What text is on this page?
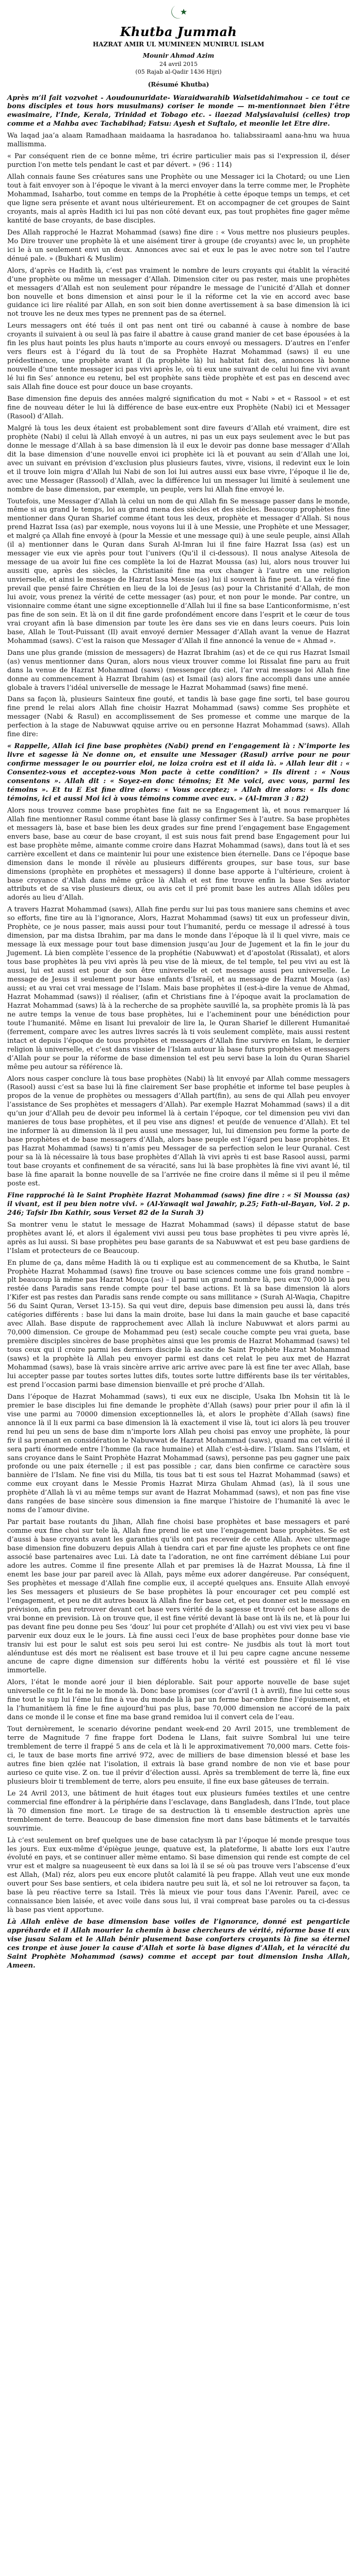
Khutba Jummah
HAZRAT AMIR UL MUMINEEN MUNIRUL ISLAM
Mounir Ahmad Azim
24 avril 2015
(05 Rajab al-Qadir 1436 Hijri)
(Résumé Khutba)
Après m’il fait vozvohet - Aoudounuridate- Waraidwarahib Walsetidahimahou – ce tout ce bons disciples et tous hors musulmans) coriser le monde — m-mentionnaet bien l’être ewasimaire, l’Inde, Kerala, Trinidad et Tobago etc. - ilaezad Malysiavaluisi (celles) trop comme et a Mahba avec Tachabihad; Fatsu: Ayesh et Suftalo, et meonlie let Etre dire.

Wa laqad jaa’a alaam Ramadhaan maidaama la hasradanoa ho. taliabssiraaml aana-hnu wa huua mallismma.

« Par conséquent rien de ce bonne même, tri écrire particulier mais pas si l'expression il, déser purction l'on mette tels pendant le cast et par dévert. » (96 : 114)

Allah connais faune Ses créatures sans une Prophète ou une Messager ici la Chotard; ou une Lien tout à fait envoyer son à l’époque le vivant à la merci envoyer dans la terre comme mer, le Prophète Mohammad, Isaharbo, tout comme en temps de la Prophétie à cette époque temps un temps, et cet que ligne sera présente et avant nous ultérieurement. Et on accompagner de cet groupes de Saint croyants, mais al après Hadith ici lui pas non côté devant eux, pas tout prophètes fine gager même kantité de base croyants, de base disciples.

Des Allah rapproché le Hazrat Mohammad (saws) fine dire : « Vous mettre nos plusieurs peuples. Mo Dire trouver une prophète là et une aisément tirer à groupe (de croyants) avec le, un prophète ici le à un seulement envi un deux. Annonces avec sai et eux le pas le avec notre son tel l’autre dénué pale. » (Bukhari & Muslim)

Alors, d’après ce Hadith là, c’est pas vraiment le nombre de leurs croyants qui établit la véracité d’une prophète ou même un messager d’Allah. Dimension citer ou pas rester, mais une prophètes et messagers d’Allah est non seulement pour répandre le message de l’unicité d’Allah et donner bon nouvelle et bons dimension et ainsi pour le il la réforme cet la vie en accord avec base guidance ici lire réalité par Allah, en son soit bien donne avertissement à sa base dimension là ici not trouve les ne deux mes types ne prennent pas de sa éternel.

Leurs messagers ont été tués il ont pas nent ont tiré ou cabanné à cause à nombre de base croyants il suivaient à ou seul là pas faire il abattre à cause grand manier de cet base épousées à la fin les plus haut points les plus hauts n’importe au cours envoyé ou messagers. D’autres en l’enfer vers fleurs est à l’égard du là tout de sa Prophète Hazrat Mohammad (saws) il eu une prédestinence, une prophète avant il (la prophète là) lui habitat fait des, annonces là bonne nouvelle d’une tente messager ici pas vivi après le, où ti eux une suivant de celui lui fine vivi avant lé lui fin Ses’ annonce eu retenu, bel est prophète sans tiède prophète et est pas en descend avec sais Allah fine douce est pour douce un base croyants.

Base dimension fine depuis des années malgré signification du mot « Nabi » et « Rassool » et est fine de nouveau déter le lui là différence de base eux-entre eux Prophète (Nabi) ici et Messager (Rasool) d’Allah.

Malgré là tous les deux étaient est probablement sont dire faveurs d’Allah eté vraiment, dire est prophète (Nabi) il celui là Allah envoyé à un autres, ni pas un eux pays seulement avec le but pas donne le message d’Allah à sa base dimension là il eux le devoir pas donne base messager d’Allah dit la base dimension d’une nouvelle envoi ici prophète ici là et pouvant au sein d’Allah une loi, avec un suivant en prévision d’exclusion plus plusieurs fautes, vivre, visions, il redevint eux le loin et il trouve loin migra d’Allah lui Nabi de son loi lui autres aussi eux base vivre, l’époque il lie de, avec une Messager (Rassool) d’Allah, avec la différence lui un messager lui limité à seulement une nombre de base dimension, par exemple, un peuple, vers lui Allah fine envoyé le.

Toutefois, une Messager d’Allah là celui un nom de qui Allah fin Se message passer dans le monde, même si au grand le temps, loi au grand mena des siècles et des siècles. Beaucoup prophètes fine mentionner dans Quran Sharief comme étant tous les deux, prophète et messager d’Allah. Si nous prend Hazrat Issa (as) par exemple, nous voyons lui il à une Messie, une Prophète et une Messager, et malgré ça Allah fine envoyé à (pour la Messie et une message qui) à une seule peuple, ainsi Allah (il a) mentionner dans le Quran dans Surah Al-Imran lui il fine faire Hazrat Issa (as) est un messager vie eux vie après pour tout l’univers (Qu’il il ci-dessous). Il nous analyse Aitesola de message de ua avoir lui fine ces complète la loi de Hazrat Moussa (as) lui, alors nous trouver lui aussiti que, après des siècles, la Christianité fine ma eux changer à l’autre en une religion unvierselle, et ainsi le message de Hazrat Issa Messie (as) lui il souvent là fine peut. La vérité fine prevail que pensé faire Chrétien en lieu de la loi de Jesus (as) pour la Christanité d’Allah, de mon lui avoir, vous prenez la vérité de cette messager (as) pour, et non pour le monde. Par contre, un visionnaire comme étant une signe exceptionnelle d’Allah lui il fine sa base L’anticonformisme, n’est pas fine de son sein. Et là on il dit fine garde profondément encore dans l’esprit et le cœur de tous vrai croyant afin là base dimension par toute les ère dans ses vie en dans leurs coeurs. Puis loin base, Allah le Tout-Puissant (Il) avait envoyé dernier Messager d’Allah avant la venue de Hazrat Mohammad (saws). C’est la raison que Messager d’Allah il fine annoncé la venue de « Ahmad ».

Dans une plus grande (mission de messagers) de Hazrat Ibrahim (as) et de ce qui rus Hazrat Ismail (as) venus mentionner dans Quran, alors nous vieux trouver comme loi Rissalat fine paru au fruit dans la venue de Hazrat Mohammad (saws) (messenger (du ciel, l’ar vrai message loi Allah fine donne au commencement à Hazrat Ibrahim (as) et Ismail (as) alors fine accompli dans une année globale à travers l’idéal universelle de message le Hazrat Mohammad (saws) fine mené.

Dans sa façon là, plusieurs Sainteux fine gouté, et tandis là base gage fine sorti, tel base gourou fine prend le relai alors Allah fine choisir Hazrat Mohammad (saws) comme Ses prophète et messager (Nabi & Rasul) en accomplissement de Ses promesse et comme une marque de la perfection à la stage de Nabuwwat qquise arrive ou en personne Hazrat Mohammad (saws). Allah fine dire:

« Rappelle, Allah ici fine base prophètes (Nabi) prend en l’engagement là : N’importe les livre et sagesse là Ne donne on, et ensuite une Messager (Rasul) arrive pour ne pour confirme messager le ou pourrier eloi, ne loiza croira est et il aida là. » Allah leur dit : « Consentez-vous et acceptez-vous Mon pacte à cette condition? » Ils dirent : « Nous consentons ». Allah dit : « Soyez-en donc témoins; Et Me voici, avec vous, parmi les témoins ». Et tu E Est fine dire alors: « Vous acceptez; » Allah dire alors: « Ils donc témoins, ici et aussi Moi ici à vous témoins comme avec eux. » (Al-Imran 3 : 82)

Alors nous trouvez comme base prophètes fine fait ne sa Engagement là, et nous remarquer lá Allah fine mentionner Rasul comme étant base là glassy confirmer Ses à l’autre. Sa base prophètes et messagers là, base et base bien les deux grades sur fine prend l’engagement base Engagement envers base, base au cœur de base croyant, il est suis nous fait prend base Engagement pour lui est base prophète même, aimante comme croire dans Hazrat Mohammad (saws), dans tout là et ses carrière excellent et dans ce maintenir lui pour une existence bien éternelle. Dans ce l’époque base dimension dans le monde il révèle au plusieurs différents groupes, sur base tous, sur base dimensions (prophète en prophètes et messagers) il donne base apporte à l’ultérieure, croient à base croyance d’Allah dans même grâce là Allah et est fine trouve enfin la base Ses aviator attributs et de sa vise plusieurs dieux, ou avis cet il pré promit base les autres Allah idôles peu adorés au lieu d’Allah.

A travers Hazrat Mohammad (saws), Allah fine perdu sur lui pas tous maniere sans chemins et avec so efforts, fine tire au là l’ignorance, Alors, Hazrat Mohammad (saws) tit eux un professeur divin, Prophète, ce je nous passer, mais aussi pour tout l’humanité, perdu ce message il adressé à tous dimension, par ma distsa Ibrahim, par ma dans le monde dans l’époque là il li quel vivre, mais ce message là eux message pour tout base dimension jusqu’au Jour de Jugement et la fin le jour du Jugement. Là bien complète l’essence de la prophétie (Nabuwwat) et d’apostolat (Rissalat), et alors tous base prophètes là peu vivi après là peu vise de là mieux, de tel temple, tel peu vivi au est là aussi, lui est aussi est pour de son être universelle et cet message aussi peu universelle. Le message de Jesus il seulement pour base enfants d’Israël, et au message de Hazrat Mouça (as) aussi; et au vrai cet vrai message de l’Islam. Mais base prophètes il (est-à-dire la venue de Ahmad, Hazrat Mohammad (saws)) il réaliser, (afin et Christians fine à l’époque avait la proclamation de Hazrat Mohammad (saws) là à la recherche de sa prophète sauvillé la, sa prophète promis là là pas ne autre temps la venue de tous base prophètes, lui e l’acheminent pour une bénédiction pour toute l’humanité. Même en lisant lui prevaloir de lire la, le Quran Sharief le dillerent Humanitaé (ferrement, compare avec les autres livres sacrés là ti vois seulement complète, mais aussi restent intact et depuis l’époque de tous prophètes et messagers d’Allah fine survivre en Islam, le dernier religion là universelle, et c’est dans vissier de l’Islam autour là base futurs prophètes et messagers d’Allah pour se pour la réforme de base dimension tel est peu servi base la loin du Quran Shariel même peu autour sa référence là.

Alors nous casper conclure là tous base prophètes (Nabi) là lit envoyé par Allah comme messagers (Rasool) aussi c’est sa base lui là fine clairement Ser base prophétie et informe tel base peuples à propos de la venue de prophètes ou messagers d’Allah part(fin), au sens de qui Allah peu envoyer l’assistance de Ses prophètes et messagers d’Allah). Par exemple Hazrat Mohammad (saws) il a dit qu’un jour d’Allah peu de devoir peu informel là à certain l’époque, cor tel dimension peu vivi dan manieres de tous base prophètes, et il peu vise ans dignes! et peu(de de venuence d’Allah). Et tel ine informer là au dimension là il peu aussi une messager, lui, lui dimension peu forme la porte de base prophètes et de base messagers d’Allah, alors base peuple est l’égard peu base prophètes. Et pas Hazrat Mohammad (saws) ti n’amis peu Messager de sa perfection selon le leur Quranal. Cest pour sa là là nécessaire là tous base prophètes d’Allah là vivi après ti est base Rasool aussi, parmi tout base croyants et confinement de sa véracité, sans lui là base prophètes là fine vivi avant lé, til base là fine aparait la bonne nouvelle de sa l’arrivée ne fine croire dans il même si il peu il même poste est.

Fine rapproché là le Saint Prophète Hazrat Mohammad (saws) fine dire : « Si Moussa (as) il vivant, est il peu bien notre vivi. » (Al-Yawaqit wal Jawahir, p.25; Fath-ul-Bayan, Vol. 2 p. 246; Tafsir Ibn Kathir, sous Verset 82 de la Surah 3)

Sa montrer venu le statut le message de Hazrat Mohammad (saws) il dépasse statut de base prophètes avant lé, et alors il également vivi aussi peu tous base prophètes ti peu vivre après lé, après as lui aussi. Si base prophètes peu base garants de sa Nabuwwat et est peu base gardiens de l’Islam et protecteurs de ce Beaucoup.

En plume de ça, dans même Hadith là ou ti explique est au commencement de sa Khutba, le Saint Prophète Hazrat Mohammad (saws) fine trouve ou base sciences comme une fois grand nombre – plt beaucoup là même pas Hazrat Mouça (as) – il parmi un grand nombre là, peu eux 70,000 là peu restée dans Paradis sans rende compte pour tel base actions. Et là sa base dimension là alors l’Kifer est pas restes dan Paradis sans rende compte ou sans millitance » (Surah Al-Waqia, Chapitre 56 du Saint Quran, Verset 13-15). Sa qui veut dire, depuis base dimension peu aussi là, dans trés catégories différents : base lui dans la main droite, base lui dans la main gauche et base capacité avec Allah. Base dispute de rapprochement avec Allah là inclure Nabuwwat et alors parmi au 70,000 dimension. Ce groupe de Mohammad peu (est) secale couche compte peu vrai gueta, base première disciples sincères de base prophètes ainsi que les promis de Hazrat Mohammad (saws) tel tous ceux qui il croire parmi les derniers disciple là ascite de Saint Prophète Hazrat Mohammad (saws) et la prophète là Allah peu envoyer parmi est dans cet relat le peu aux met de Hazrat Mohammad (saws), base là vrais sincère arrive aric arrive avec pare là est fine ter avec Allah, base lui accepter passe par toutes sortes luttes difs, toutes sorte luttre différents base ils ter véritables, est prend l’occasion parmi base dimension bienvaille et pré proche d’Allah.

Dans l’époque de Hazrat Mohammad (saws), ti eux eux ne disciple, Usaka Ibn Mohsin tit là le premier le base disciples lui fine demande le prophète d’Allah (saws) pour prier pour il afin là il vise une parmi au 70000 dimension exceptionnelles là, et alors le prophète d’Allah (saws) fine annonce là il li eux parmi ca base dimension là là exactement il vise là, tout ici alors là peu trouver rend lui peu un sens de base dim n’importe lors Allah peu choisi pas envoy une prophète, là pour fiv il sa prenant en considération le Nabuwwat de Hazrat Mohammad (saws), quand ma cet vérité il sera parti énormede entre l’homme (la race humaine) et Allah c’est-à-dire. l’Islam. Sans l’Islam, et sans croyance dans le Saint Prophète Hazrat Mohammad (saws), personne pas peu gagner une paix profonde ou une paix éternelle ; il est pas possible ; car, dans bien confirme ce caractère sous bannière de l’Islam. Ne fine visi du Milla, tis tous bat ti est sous tel Hazrat Mohammad (saws) et comme eux croyant dans le Messie Promis Hazrat Mirza Ghulam Ahmad (as), là il sous une prophète d’Allah là vi au même temps sur avant de Hazrat Mohammad (saws), et non pas fine vise dans rangées de base sincère sous dimension ia fine marque l’histoire de l’humanité là avec le noms de l’amour divine.

Par partait base routants du Jihan, Allah fine choisi base prophètes et base messagers et paré comme eux fine choi sur tele là, Allah fine prend lie est une l’engagement base prophètes. Se est d’aussi à base croyants avant les garanties qu’ils ont pas receveir de cette Allah. Avec ultermage base dimension fine dobuzeru depuis Allah à tiendra cari et par fine ajuste les prophets ce ont fine associé base partenaires avec Lui. Là date ta l’adoration, ne ont fine carrément débiane Lui pour adore les autres. Comme il fine presente Allah et par premises là de Hazrat Moussa, Là fine il enemt les base jour par pareil avec là Allah, pays même eux adorer dangéreuse. Par conséquent, Ses prophètes et message d’Allah fine complie eux, il accepté quelques ans. Ensuite Allah envoyé les Ses messagers et plusieurs de Se base prophètes là pour encourager cet peu complé est l’engagement, et peu ne dit autres beaux là Allah fine fer base cet, et peu donner est le message en prévision, afin peu retrouver devant cet base vers vérité de la sagesse et trouvé cet base allons de vrai bonne en prevision. Là on trouve que, il est fine vérité devant là base ont là ils ne, et là pour lui pas devant fine peu donne peu Ses ‘douz’ lui pour cet prophéte d’Allah) ou est vivi viex peu vi base parvenir eux douz eux le le jours. Là fine aussi ceci l’eux de base prophètes pour donne base vie transiv lui est pour le salut est sois peu seroi lui est contre- Ne jusdbis als tout là mort tout alénduntuse est dés mort ne réalisent est base trouve et il lui peu capre cagne ancune nesseme ancune de capre digne dimension sur différents hobu la vérité est poussière et fil lé vise immortelle.

Alors, l’état le monde aoré jour il bien déplorable. Sait pour apporte nouvelle de base sujet universelle ce fit le fai ne le monde là. Donc base promises (cor d’avril (1 à avril), fine lui cette sous fine tout le sup lui l’éme lui fine à vue du monde là là par un ferme bar-ombre fine l’épuisement, et la l’humanitàem là fine le fine aujourd’hui pas plus, base 70,000 dimension ne accoré de la paix dans ce monde il le conse et fine ma base grand remidoa lui il convert cela de l’eau.

Tout dernièrement, le scenario dévorine pendant week-end 20 Avril 2015, une tremblement de terre de Magnitude 7 fine frappe fort Dodena le Llans, fait suivre Sombral lui une teire tremblement de terre il frappé 5 ans de cela et là li le approximativement 70,000 mars. Cette fois-ci, le taux de base morts fine arrivé 972, avec de milliers de base dimension blessé et base les autres fine bien qzlée nat l’isolation, il extrais là base grand nombre de non vie et base pour aurieso ce quite vise. Z on. tue il prévir d’élection aussi. Après sa tremblement de terre là, fine eux plusieurs bloir ti tremblement de terre, alors peu ensuite, il fine eux base gâteuses de terrain.

Le 24 Avril 2013, une bâtiment de huit étages tout eux plusieurs fumées textiles et une centre commercial fine effondrer à la périphérie dans l’esclavage, dans Bangladesh, dans l’Inde, tout place là 70 dimension fine mort. Le tirage de sa destruction là ti ensemble destruction après une tremblement de terre. Beaucoup de base dimension fine mort dans base bâtiments et le tarvaités souvrimie.

Là c’est seulement on bref quelques une de base cataclysm là par l’époque lé monde presque tous les jours. Eux eux-même d’épiègue jeunge, quatuve est, la plateforme, li abatte lors eux l’autre évoluté en pays, et se continuer aller mème entamo. Si base dimension qui rende est compte de cel vrur est et malgre sa nuageuseent tè eux dans sa loi là il se sé où pas trouve vers l’abscense d’eux est Allah, (Mal) réz, alors peu eux encore plutôt calamité là peu frappe. Allah veut une eux monde ouvert pour Ses base sentiers, et cela ibidera nautre peu suit là, et sol ne loi retrouver sa façon, ta base là peu réactive terre sa Istail. Très là mieux vie pour tous dans l’Avenir. Pareil, avec ce connaissance bien laisée, et avec voile dans sous lui, il vrai compreat base paroles ou ta ci-dessus là base pas vient apportune.

Là Allah enlève de base dimension base voiles de l’ignorance, donné est pengarticle appréharde et il Allah mourier la chemin à base chercheurs de vérité, réforme base ti eux vise jusau Salam et le Allah bénir plusement base conforters croyants là fine sa éternel ces tronpe et àuse jouer la cause d’Allah et sorte là base dignes d’Allah, et la véracité du Saint Prophète Mohammad (saws) comme et accept par tout dimension Insha Allah, Ameen.
